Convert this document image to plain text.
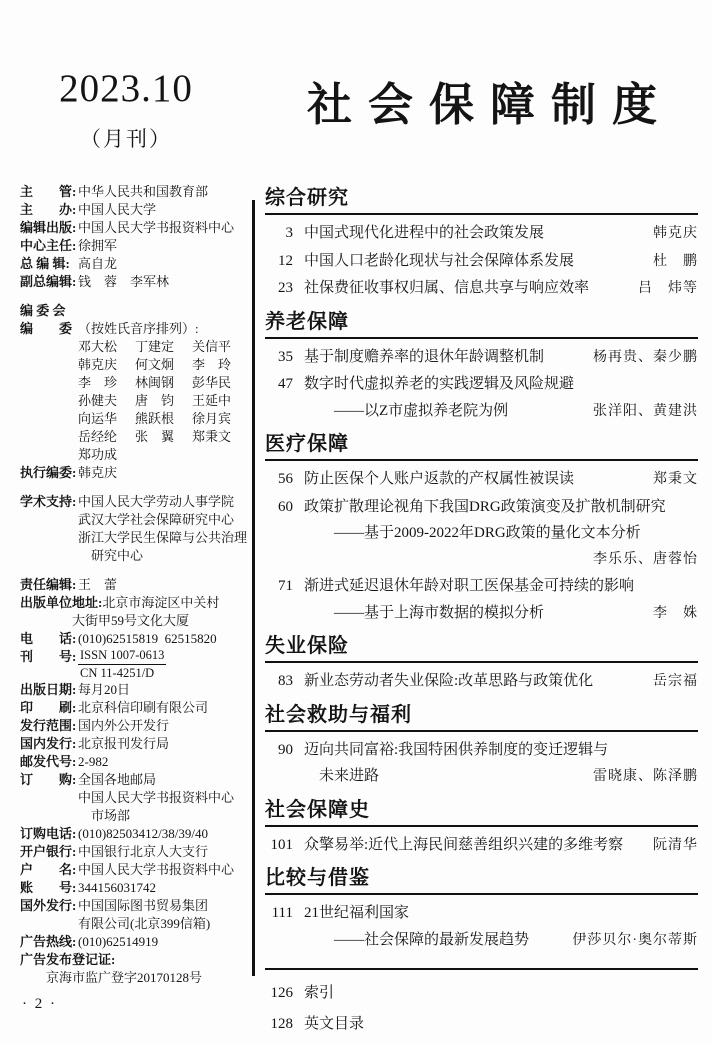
2023.10
（月刊）
社会保障制度
主　　管: 中华人民共和国教育部
主　　办: 中国人民大学
编辑出版: 中国人民大学书报资料中心
中心主任: 徐拥军
总 编 辑: 高自龙
副总编辑: 钱　蓉　李军林
编 委 会
编　　委 （按姓氏音序排列）:
邓大松	丁建定	关信平
韩克庆	何文炯	李　玲
李　珍	林闽钢	彭华民
孙健夫	唐　钧	王延中
向运华	熊跃根	徐月宾
岳经纶	张　翼	郑秉文
郑功成
执行编委: 韩克庆
学术支持: 中国人民大学劳动人事学院
武汉大学社会保障研究中心
浙江大学民生保障与公共治理
　研究中心
责任编辑: 王　蕾
出版单位地址: 北京市海淀区中关村
　　　　大街甲59号文化大厦
电　　话: (010)62515819  62515820
刊　　号: $\frac{\text{ISSN 1007-0613}}{CN 11-4251/D}$
出版日期: 每月20日
印　　刷: 北京科信印刷有限公司
发行范围: 国内外公开发行
国内发行: 北京报刊发行局
邮发代号: 2-982
订　　购: 全国各地邮局
中国人民大学书报资料中心
　市场部
订购电话: (010)82503412/38/39/40
开户银行: 中国银行北京人大支行
户　　名: 中国人民大学书报资料中心
账　　号: 344156031742
国外发行: 中国国际图书贸易集团
有限公司(北京399信箱)
广告热线: (010)62514919
广告发布登记证:
　　京海市监广登字20170128号
综合研究
3 中国式现代化进程中的社会政策发展	韩克庆
12 中国人口老龄化现状与社会保障体系发展	杜　鹏
23 社保费征收事权归属、信息共享与响应效率	吕　炜等
养老保障
35 基于制度赡养率的退休年龄调整机制	杨再贵、秦少鹏
47 数字时代虚拟养老的实践逻辑及风险规避
——以Z市虚拟养老院为例	张洋阳、黄建洪
医疗保障
56 防止医保个人账户返款的产权属性被误读	郑秉文
60 政策扩散理论视角下我国DRG政策演变及扩散机制研究
——基于2009-2022年DRG政策的量化文本分析
李乐乐、唐蓉怡
71 渐进式延迟退休年龄对职工医保基金可持续的影响
——基于上海市数据的模拟分析	李　姝
失业保险
83 新业态劳动者失业保险:改革思路与政策优化	岳宗福
社会救助与福利
90 迈向共同富裕:我国特困供养制度的变迁逻辑与
未来进路	雷晓康、陈泽鹏
社会保障史
101 众擎易举:近代上海民间慈善组织兴建的多维考察	阮清华
比较与借鉴
111 21世纪福利国家
——社会保障的最新发展趋势	伊莎贝尔·奥尔蒂斯
126 索引
128 英文目录
· 2 ·
